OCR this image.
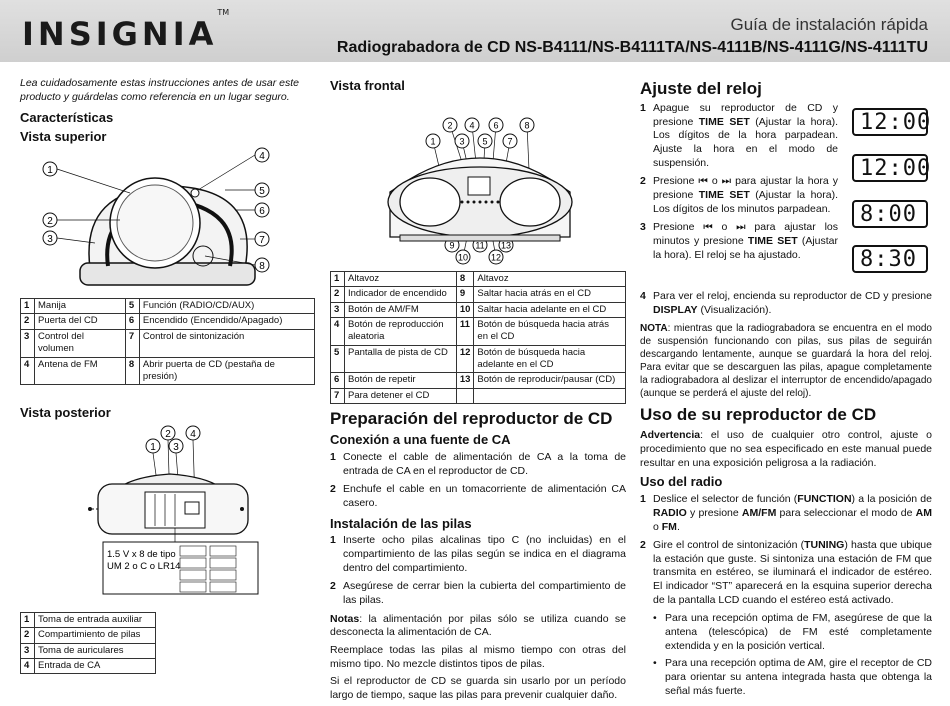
INSIGNIA™
Guía de instalación rápida
Radiograbadora de CD NS-B4111/NS-B4111TA/NS-4111B/NS-4111G/NS-4111TU
Lea cuidadosamente estas instrucciones antes de usar este producto y guárdelas como referencia en un lugar seguro.
Características
Vista superior
1
2
3
4
5
6
7
8
1	Manija	5	Función (RADIO/CD/AUX)
2	Puerta del CD	6	Encendido (Encendido/Apagado)
3	Control del volumen	7	Control de sintonización
4	Antena de FM	8	Abrir puerta de CD (pestaña de presión)
Vista posterior
1
2
3
4
1.5 V x 8 de tipo
UM 2 o C o LR14
1	Toma de entrada auxiliar
2	Compartimiento de pilas
3	Toma de auriculares
4	Entrada de CA
Vista frontal
1
2
3
4
5
6
7
8
9
10
11
12
13
1	Altavoz	8	Altavoz
2	Indicador de encendido	9	Saltar hacia atrás en el CD
3	Botón de AM/FM	10	Saltar hacia adelante en el CD
4	Botón de reproducción aleatoria	11	Botón de búsqueda hacia atrás en el CD
5	Pantalla de pista de CD	12	Botón de búsqueda hacia adelante en el CD
6	Botón de repetir	13	Botón de reproducir/pausar (CD)
7	Para detener el CD		
Preparación del reproductor de CD
Conexión a una fuente de CA
1 Conecte el cable de alimentación de CA a la toma de entrada de CA en el reproductor de CD.
2 Enchufe el cable en un tomacorriente de alimentación CA casero.
Instalación de las pilas
1 Inserte ocho pilas alcalinas tipo C (no incluidas) en el compartimiento de las pilas según se indica en el diagrama dentro del compartimiento.
2 Asegúrese de cerrar bien la cubierta del compartimiento de las pilas.
Notas: la alimentación por pilas sólo se utiliza cuando se desconecta la alimentación de CA.
Reemplace todas las pilas al mismo tiempo con otras del mismo tipo. No mezcle distintos tipos de pilas.
Si el reproductor de CD se guarda sin usarlo por un período largo de tiempo, saque las pilas para prevenir cualquier daño.
Ajuste del reloj
1 Apague su reproductor de CD y presione TIME SET (Ajustar la hora). Los dígitos de la hora parpadean. Ajuste la hora en el modo de suspensión.
2 Presione ⏮ o ⏭ para ajustar la hora y presione TIME SET (Ajustar la hora). Los dígitos de los minutos parpadean.
3 Presione ⏮ o ⏭ para ajustar los minutos y presione TIME SET (Ajustar la hora). El reloj se ha ajustado.
12:00
12:00
8:00
8:30
4 Para ver el reloj, encienda su reproductor de CD y presione DISPLAY (Visualización).
NOTA: mientras que la radiograbadora se encuentra en el modo de suspensión funcionando con pilas, sus pilas de seguirán descargando lentamente, aunque se guardará la hora del reloj. Para evitar que se descarguen las pilas, apague completamente la radiograbadora al deslizar el interruptor de encendido/apagado (aunque se perderá el ajuste del reloj).
Uso de su reproductor de CD
Advertencia: el uso de cualquier otro control, ajuste o procedimiento que no sea especificado en este manual puede resultar en una exposición peligrosa a la radiación.
Uso del radio
1 Deslice el selector de función (FUNCTION) a la posición de RADIO y presione AM/FM para seleccionar el modo de AM o FM.
2 Gire el control de sintonización (TUNING) hasta que ubique la estación que guste. Si sintoniza una estación de FM que transmita en estéreo, se iluminará el indicador de estéreo. El indicador “ST” aparecerá en la esquina superior derecha de la pantalla LCD cuando el estéreo está activado.
• Para una recepción optima de FM, asegúrese de que la antena (telescópica) de FM esté completamente extendida y en la posición vertical.
• Para una recepción optima de AM, gire el receptor de CD para orientar su antena integrada hasta que obtenga la señal más fuerte.
